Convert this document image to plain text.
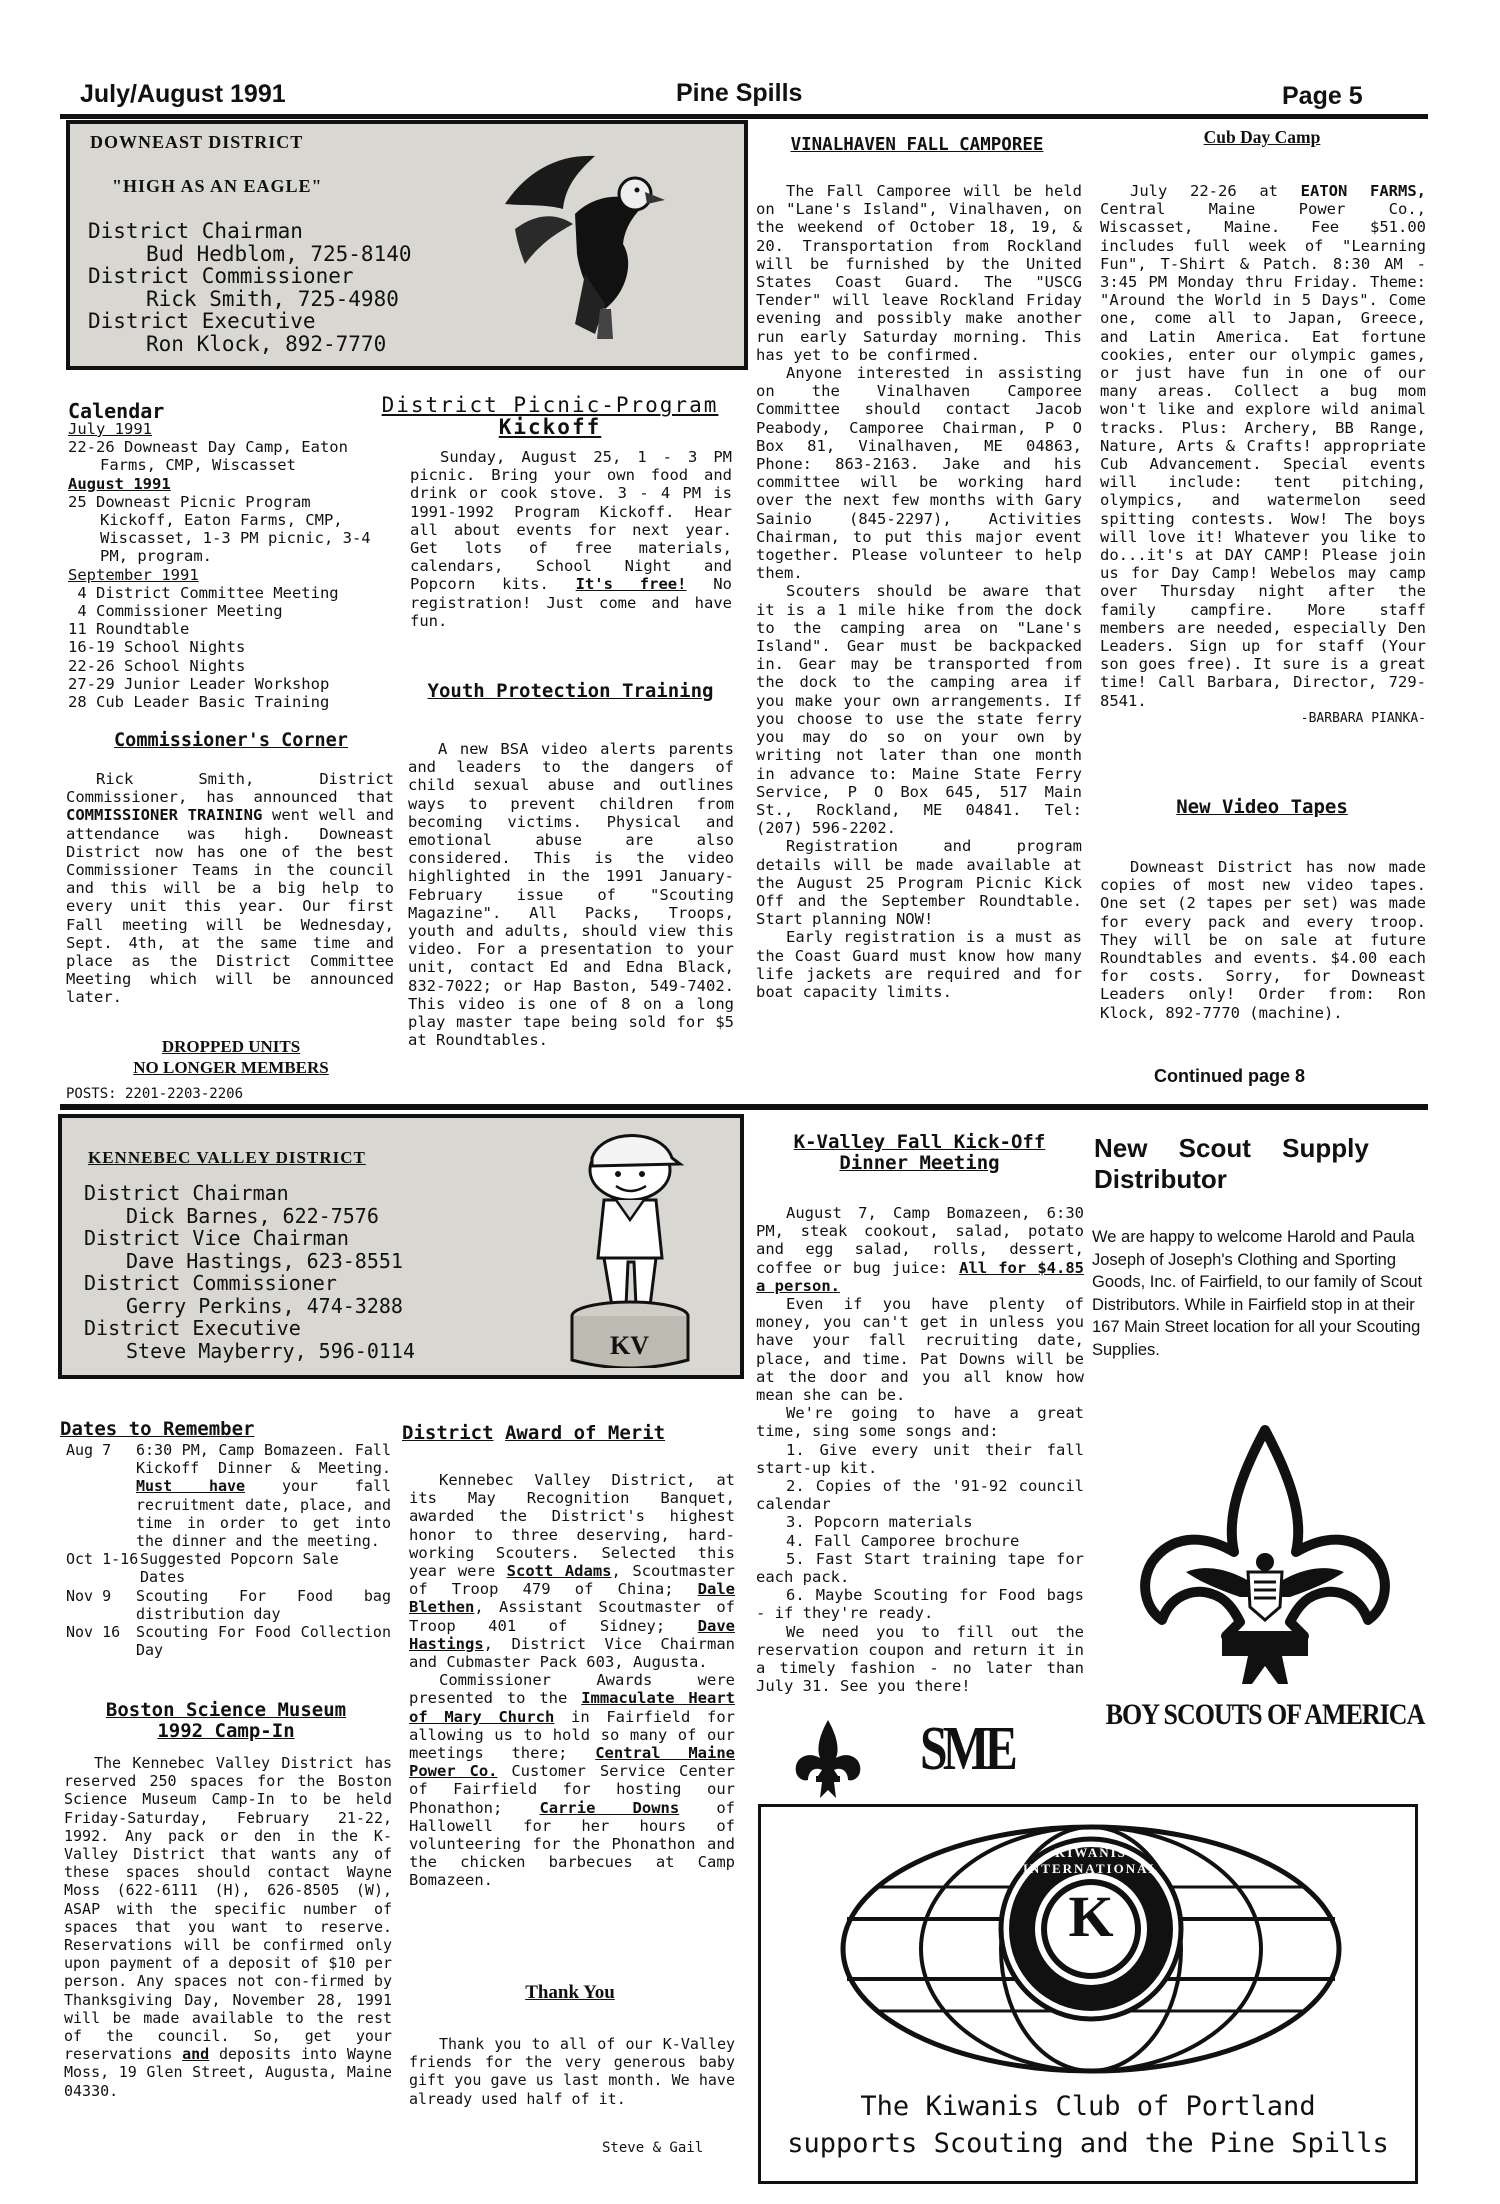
July/August 1991	Pine Spills	Page 5
DOWNEAST DISTRICT
"HIGH AS AN EAGLE"
District Chairman
Bud Hedblom, 725-8140
District Commissioner
Rick Smith, 725-4980
District Executive
Ron Klock, 892-7770
Calendar
July 1991
22-26 Downeast Day Camp, Eaton Farms, CMP, Wiscasset
August 1991
25 Downeast Picnic Program Kickoff, Eaton Farms, CMP, Wiscasset, 1-3 PM picnic, 3-4 PM, program.
September 1991
4 District Committee Meeting
4 Commissioner Meeting
11 Roundtable
16-19 School Nights
22-26 School Nights
27-29 Junior Leader Workshop
28 Cub Leader Basic Training
District Picnic-Program
Kickoff

Sunday, August 25, 1 - 3 PM picnic. Bring your own food and drink or cook stove. 3 - 4 PM is 1991-1992 Program Kickoff. Hear all about events for next year. Get lots of free materials, calendars, School Night and Popcorn kits. It's free! No registration! Just come and have fun.

Commissioner's Corner

Rick Smith, District Commissioner, has announced that COMMISSIONER TRAINING went well and attendance was high. Downeast District now has one of the best Commissioner Teams in the council and this will be a big help to every unit this year. Our first Fall meeting will be Wednesday, Sept. 4th, at the same time and place as the District Committee Meeting which will be announced later.

DROPPED UNITS
NO LONGER MEMBERS
POSTS: 2201-2203-2206
Youth Protection Training

A new BSA video alerts parents and leaders to the dangers of child sexual abuse and outlines ways to prevent children from becoming victims. Physical and emotional abuse are also considered. This is the video highlighted in the 1991 January-February issue of "Scouting Magazine". All Packs, Troops, youth and adults, should view this video. For a presentation to your unit, contact Ed and Edna Black, 832-7022; or Hap Baston, 549-7402. This video is one of 8 on a long play master tape being sold for $5 at Roundtables.

VINALHAVEN FALL CAMPOREE

The Fall Camporee will be held on "Lane's Island", Vinalhaven, on the weekend of October 18, 19, & 20. Transportation from Rockland will be furnished by the United States Coast Guard. The "USCG Tender" will leave Rockland Friday evening and possibly make another run early Saturday morning. This has yet to be confirmed.

Anyone interested in assisting on the Vinalhaven Camporee Committee should contact Jacob Peabody, Camporee Chairman, P O Box 81, Vinalhaven, ME 04863, Phone: 863-2163. Jake and his committee will be working hard over the next few months with Gary Sainio (845-2297), Activities Chairman, to put this major event together. Please volunteer to help them.

Scouters should be aware that it is a 1 mile hike from the dock to the camping area on "Lane's Island". Gear must be backpacked in. Gear may be transported from the dock to the camping area if you make your own arrangements. If you choose to use the state ferry you may do so on your own by writing not later than one month in advance to: Maine State Ferry Service, P O Box 645, 517 Main St., Rockland, ME 04841. Tel: (207) 596-2202.

Registration and program details will be made available at the August 25 Program Picnic Kick Off and the September Roundtable. Start planning NOW!

Early registration is a must as the Coast Guard must know how many life jackets are required and for boat capacity limits.

Cub Day Camp

July 22-26 at EATON FARMS, Central Maine Power Co., Wiscasset, Maine. Fee $51.00 includes full week of "Learning Fun", T-Shirt & Patch. 8:30 AM - 3:45 PM Monday thru Friday. Theme: "Around the World in 5 Days". Come one, come all to Japan, Greece, and Latin America. Eat fortune cookies, enter our olympic games, or just have fun in one of our many areas. Collect a bug mom won't like and explore wild animal tracks. Plus: Archery, BB Range, Nature, Arts & Crafts! appropriate Cub Advancement. Special events will include: tent pitching, olympics, and watermelon seed spitting contests. Wow! The boys will love it! Whatever you like to do...it's at DAY CAMP! Please join us for Day Camp! Webelos may camp over Thursday night after the family campfire. More staff members are needed, especially Den Leaders. Sign up for staff (Your son goes free). It sure is a great time! Call Barbara, Director, 729-8541.

-BARBARA PIANKA-

New Video Tapes

Downeast District has now made copies of most new video tapes. One set (2 tapes per set) was made for every pack and every troop. They will be on sale at future Roundtables and events. $4.00 each for costs. Sorry, for Downeast Leaders only! Order from: Ron Klock, 892-7770 (machine).

Continued page 8
KENNEBEC VALLEY DISTRICT
District Chairman
Dick Barnes, 622-7576
District Vice Chairman
Dave Hastings, 623-8551
District Commissioner
Gerry Perkins, 474-3288
District Executive
Steve Mayberry, 596-0114	KV
Dates to Remember
Aug 7	6:30 PM, Camp Bomazeen. Fall Kickoff Dinner & Meeting. Must have your fall recruitment date, place, and time in order to get into the dinner and the meeting.
Oct 1-16 Suggested Popcorn Sale Dates
Nov 9	Scouting For Food bag distribution day
Nov 16	Scouting For Food Collection Day
Boston Science Museum
1992 Camp-In

The Kennebec Valley District has reserved 250 spaces for the Boston Science Museum Camp-In to be held Friday-Saturday, February 21-22, 1992. Any pack or den in the K-Valley District that wants any of these spaces should contact Wayne Moss (622-6111 (H), 626-8505 (W), ASAP with the specific number of spaces that you want to reserve. Reservations will be confirmed only upon payment of a deposit of $10 per person. Any spaces not con-firmed by Thanksgiving Day, November 28, 1991 will be made available to the rest of the council. So, get your reservations and deposits into Wayne Moss, 19 Glen Street, Augusta, Maine 04330.

District Award of Merit

Kennebec Valley District, at its May Recognition Banquet, awarded the District's highest honor to three deserving, hard-working Scouters. Selected this year were Scott Adams, Scoutmaster of Troop 479 of China; Dale Blethen, Assistant Scoutmaster of Troop 401 of Sidney; Dave Hastings, District Vice Chairman and Cubmaster Pack 603, Augusta.

Commissioner Awards were presented to the Immaculate Heart of Mary Church in Fairfield for allowing us to hold so many of our meetings there; Central Maine Power Co. Customer Service Center of Fairfield for hosting our Phonathon; Carrie Downs of Hallowell for her hours of volunteering for the Phonathon and the chicken barbecues at Camp Bomazeen.

Thank You

Thank you to all of our K-Valley friends for the very generous baby gift you gave us last month. We have already used half of it.

Steve & Gail
K-Valley Fall Kick-Off
Dinner Meeting

August 7, Camp Bomazeen, 6:30 PM, steak cookout, salad, potato and egg salad, rolls, dessert, coffee or bug juice: All for $4.85 a person.

Even if you have plenty of money, you can't get in unless you have your fall recruiting date, place, and time. Pat Downs will be at the door and you all know how mean she can be.

We're going to have a great time, sing some songs and:

1. Give every unit their fall start-up kit.

2. Copies of the '91-92 council calendar

3. Popcorn materials

4. Fall Camporee brochure

5. Fast Start training tape for each pack.

6. Maybe Scouting for Food bags - if they're ready.

We need you to fill out the reservation coupon and return it in a timely fashion - no later than July 31. See you there!

New Scout Supply Distributor
We are happy to welcome Harold and Paula Joseph of Joseph's Clothing and Sporting Goods, Inc. of Fairfield, to our family of Scout Distributors. While in Fairfield stop in at their 167 Main Street location for all your Scouting Supplies.
BOY SCOUTS OF AMERICA
SME
KIWANIS INTERNATIONAL
K
The Kiwanis Club of Portland
supports Scouting and the Pine Spills
